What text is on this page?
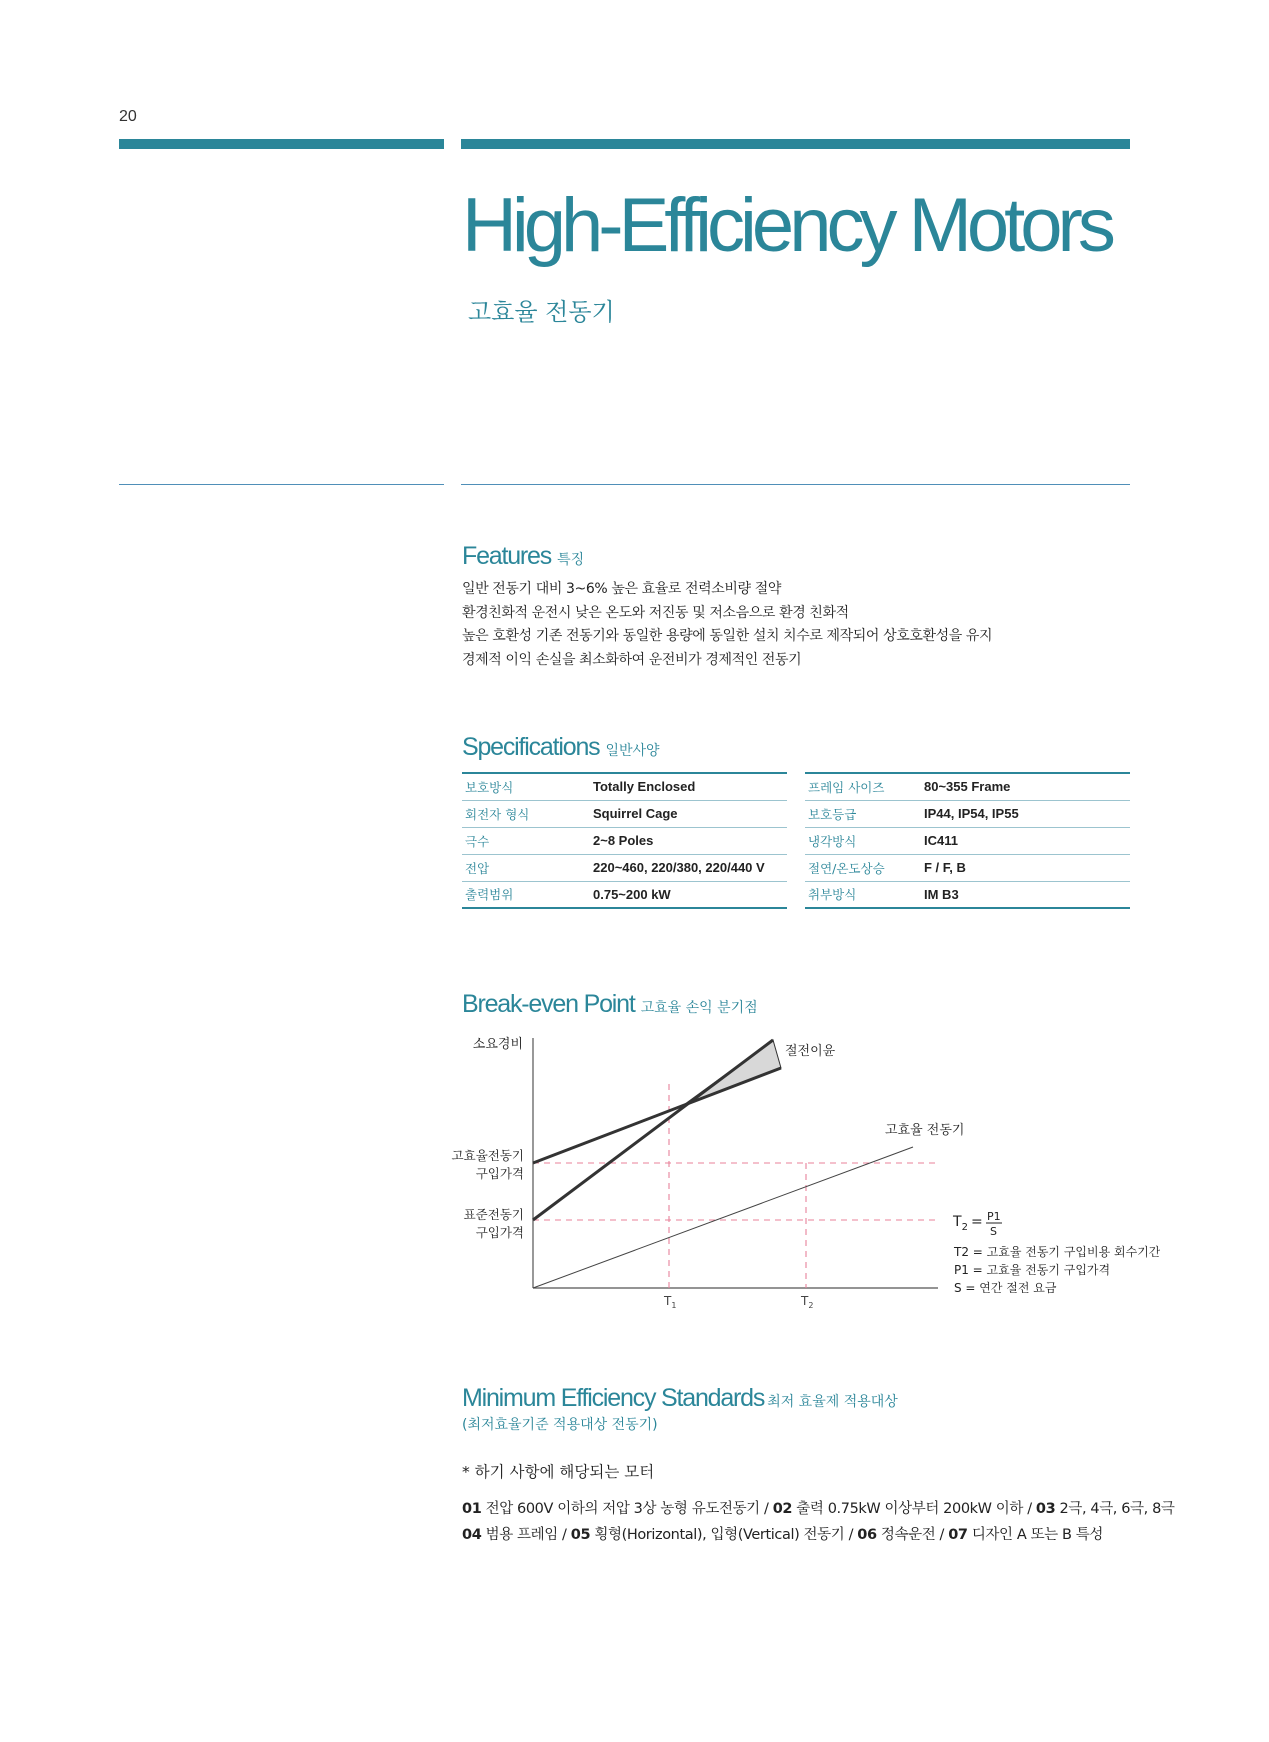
20
High-Efficiency Motors
고효율 전동기
Features 특징
일반 전동기 대비 3~6% 높은 효율로 전력소비량 절약
환경친화적 운전시 낮은 온도와 저진동 및 저소음으로 환경 친화적
높은 호환성 기존 전동기와 동일한 용량에 동일한 설치 치수로 제작되어 상호호환성을 유지
경제적 이익 손실을 최소화하여 운전비가 경제적인 전동기
Specifications 일반사양
보호방식	Totally Enclosed
회전자 형식	Squirrel Cage
극수	2~8 Poles
전압	220~460, 220/380, 220/440 V
출력범위	0.75~200 kW
프레임 사이즈	80~355 Frame
보호등급	IP44, IP54, IP55
냉각방식	IC411
절연/온도상승	F / F, B
취부방식	IM B3
Break-even Point 고효율 손익 분기점
소요경비
고효율전동기
구입가격
표준전동기
구입가격
절전이윤
고효율 전동기
$T_1$	$T_2$
$T_2 = P1$
S
T2 = 고효율 전동기 구입비용 회수기간
P1 = 고효율 전동기 구입가격
S = 연간 절전 요금
Minimum Efficiency Standards 최저 효율제 적용대상
(최저효율기준 적용대상 전동기)
* 하기 사항에 해당되는 모터
01 전압 600V 이하의 저압 3상 농형 유도전동기 / 02 출력 0.75kW 이상부터 200kW 이하 / 03 2극, 4극, 6극, 8극
04 범용 프레임 / 05 횡형(Horizontal), 입형(Vertical) 전동기 / 06 정속운전 / 07 디자인 A 또는 B 특성
